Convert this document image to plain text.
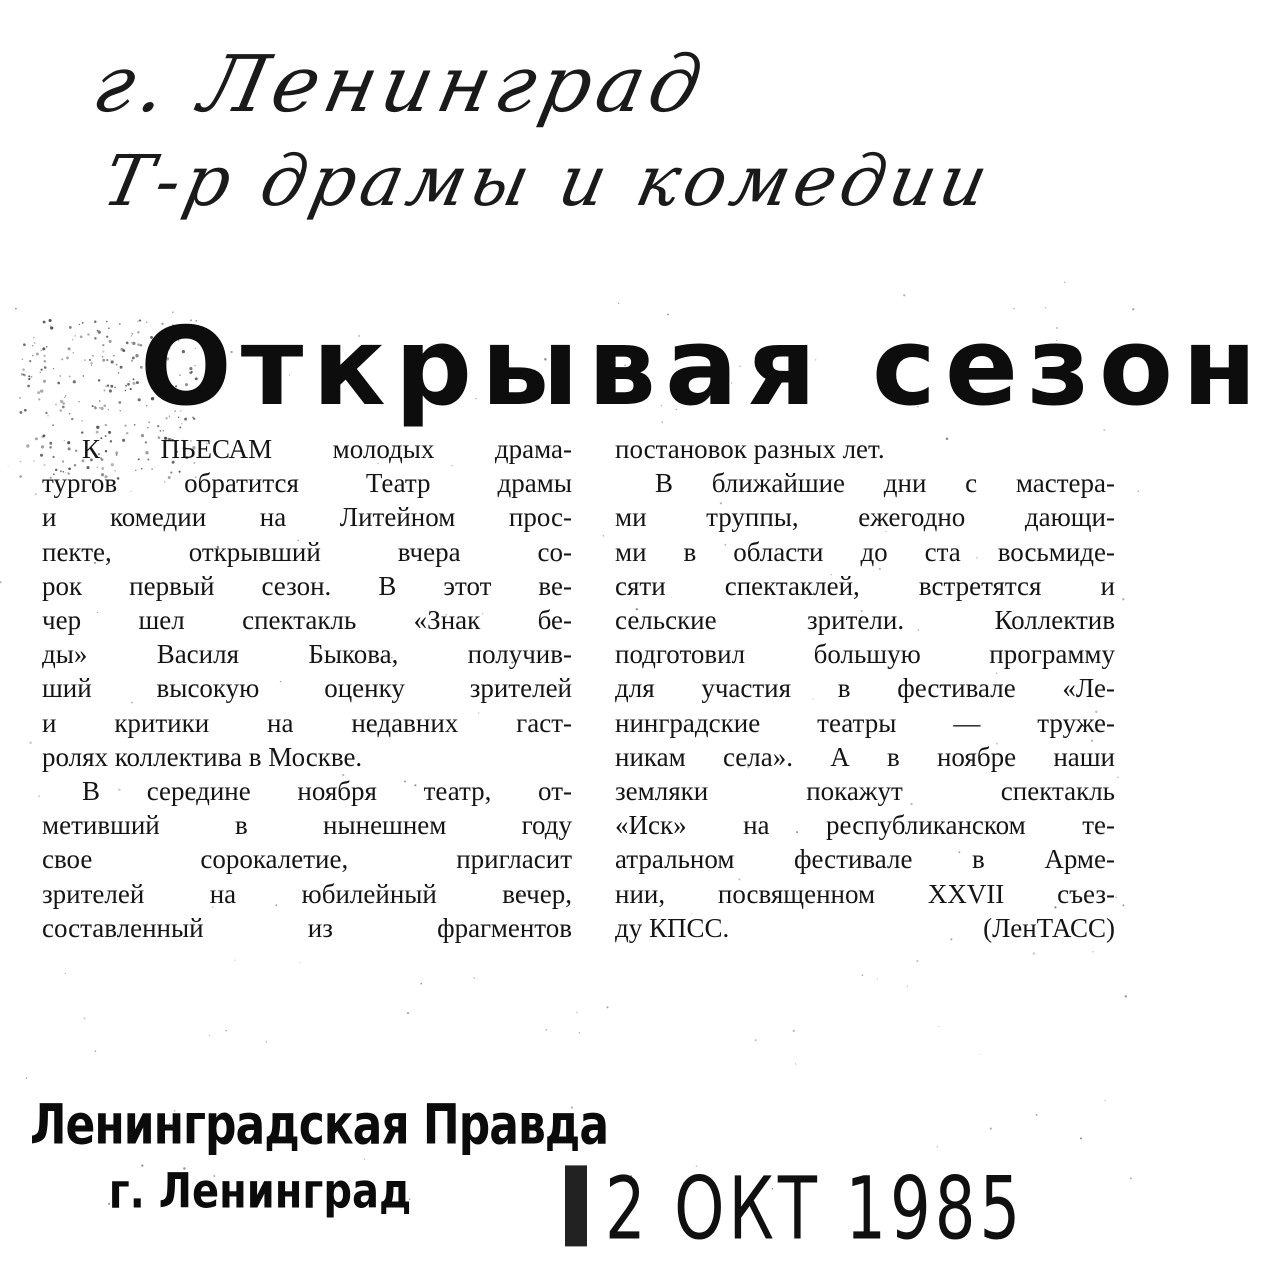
г. Ленинград
Т-р драмы и комедии
Открывая сезон
К ПЬЕСАМ молодых драма-
тургов обратится Театр драмы
и комедии на Литейном прос-
пекте, открывший вчера со-
рок первый сезон. В этот ве-
чер шел спектакль «Знак бе-
ды» Василя Быкова, получив-
ший высокую оценку зрителей
и критики на недавних гаст-
ролях коллектива в Москве.
В середине ноября театр, от-
метивший в нынешнем году
свое сорокалетие, пригласит
зрителей на юбилейный вечер,
составленный из фрагментов
постановок разных лет.
В ближайшие дни с мастера-
ми труппы, ежегодно дающи-
ми в области до ста восьмиде-
сяти спектаклей, встретятся и
сельские зрители. Коллектив
подготовил большую программу
для участия в фестивале «Ле-
нинградские театры — труже-
никам села». А в ноябре наши
земляки покажут спектакль
«Иск» на республиканском те-
атральном фестивале в Арме-
нии, посвященном XXVII съез-
ду КПСС.	(ЛенТАСС)
Ленинградская Правда
г. Ленинград	2 ОКТ 1985
